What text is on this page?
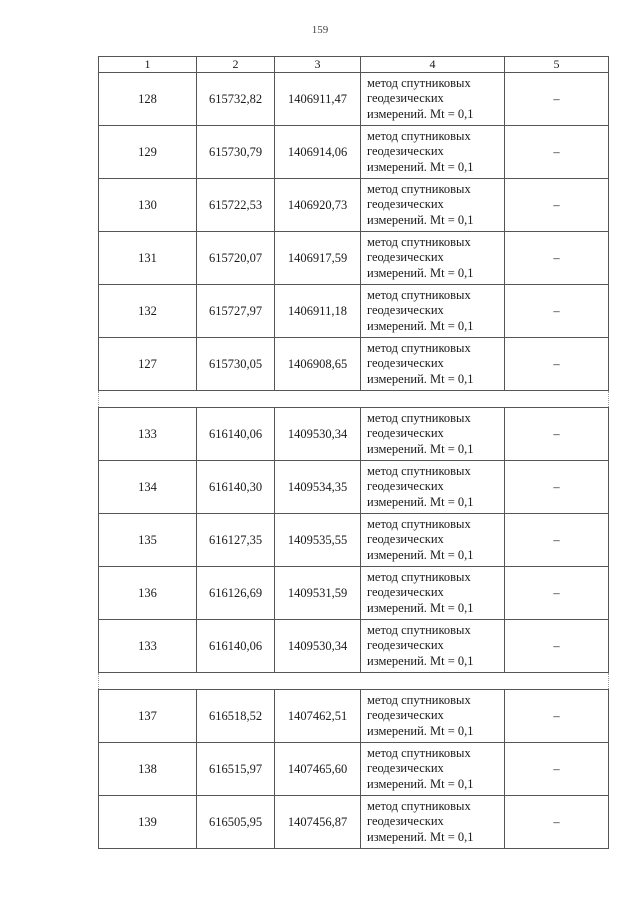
159
1	2	3	4	5
128	615732,82	1406911,47	метод спутниковых
геодезических
измерений. Mt = 0,1	–
129	615730,79	1406914,06	метод спутниковых
геодезических
измерений. Mt = 0,1	–
130	615722,53	1406920,73	метод спутниковых
геодезических
измерений. Mt = 0,1	–
131	615720,07	1406917,59	метод спутниковых
геодезических
измерений. Mt = 0,1	–
132	615727,97	1406911,18	метод спутниковых
геодезических
измерений. Mt = 0,1	–
127	615730,05	1406908,65	метод спутниковых
геодезических
измерений. Mt = 0,1	–

133	616140,06	1409530,34	метод спутниковых
геодезических
измерений. Mt = 0,1	–
134	616140,30	1409534,35	метод спутниковых
геодезических
измерений. Mt = 0,1	–
135	616127,35	1409535,55	метод спутниковых
геодезических
измерений. Mt = 0,1	–
136	616126,69	1409531,59	метод спутниковых
геодезических
измерений. Mt = 0,1	–
133	616140,06	1409530,34	метод спутниковых
геодезических
измерений. Mt = 0,1	–

137	616518,52	1407462,51	метод спутниковых
геодезических
измерений. Mt = 0,1	–
138	616515,97	1407465,60	метод спутниковых
геодезических
измерений. Mt = 0,1	–
139	616505,95	1407456,87	метод спутниковых
геодезических
измерений. Mt = 0,1	–
